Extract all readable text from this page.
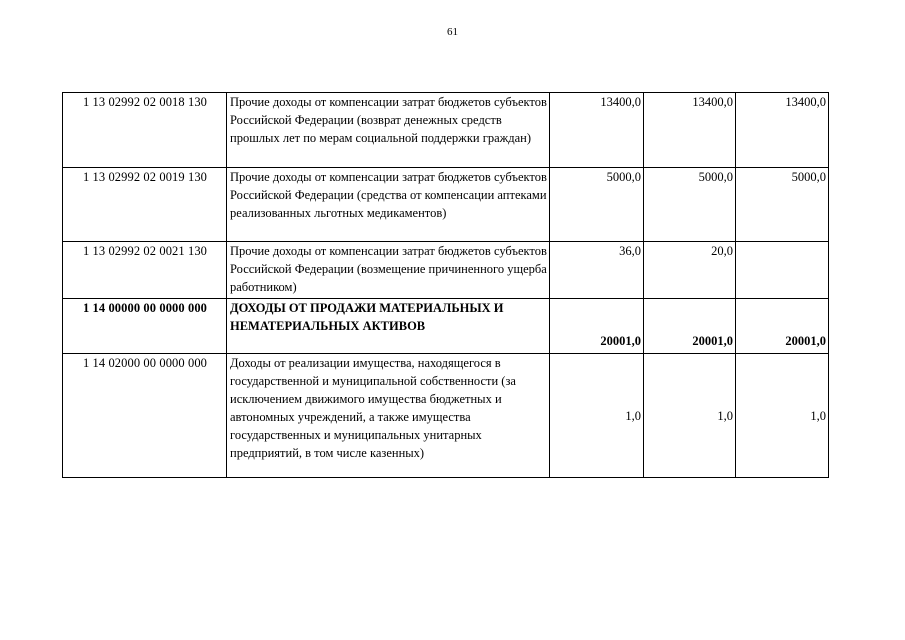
61
1 13 02992 02 0018 130	Прочие доходы от компенсации затрат бюджетов субъектов Российской Федерации (возврат денежных средств прошлых лет по мерам социальной поддержки граждан)	13400,0	13400,0	13400,0
1 13 02992 02 0019 130	Прочие доходы от компенсации затрат бюджетов субъектов Российской Федерации (средства от компенсации аптеками реализованных льготных медикаментов)	5000,0	5000,0	5000,0
1 13 02992 02 0021 130	Прочие доходы от компенсации затрат бюджетов субъектов Российской Федерации (возмещение причиненного ущерба работником)	36,0	20,0	
1 14 00000 00 0000 000	ДОХОДЫ ОТ ПРОДАЖИ МАТЕРИАЛЬНЫХ И НЕМАТЕРИАЛЬНЫХ АКТИВОВ	20001,0	20001,0	20001,0
1 14 02000 00 0000 000	Доходы от реализации имущества, находящегося в государственной и муниципальной собственности (за исключением движимого имущества бюджетных и автономных учреждений, а также имущества государственных и муниципальных унитарных предприятий, в том числе казенных)	1,0	1,0	1,0
